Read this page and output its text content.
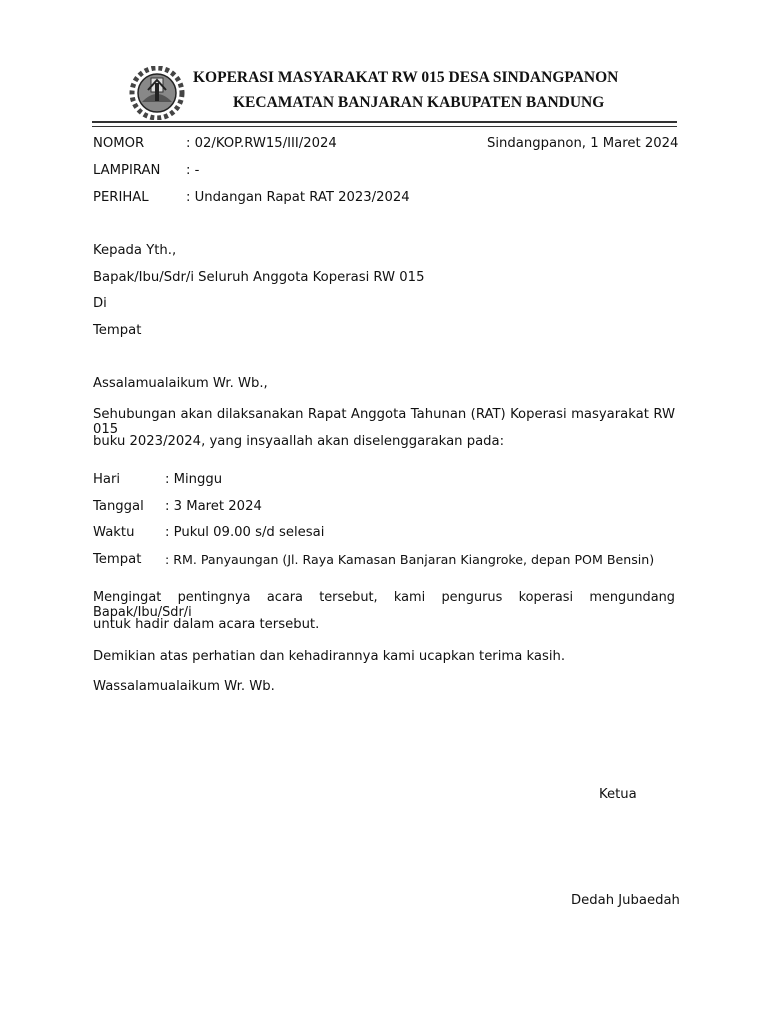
KOPERASI MASYARAKAT RW 015 DESA SINDANGPANON
KECAMATAN BANJARAN KABUPATEN BANDUNG
NOMOR	: 02/KOP.RW15/III/2024	Sindangpanon, 1 Maret 2024
LAMPIRAN : -
PERIHAL	: Undangan Rapat RAT 2023/2024
Kepada Yth.,
Bapak/Ibu/Sdr/i Seluruh Anggota Koperasi RW 015
Di
Tempat
Assalamualaikum Wr. Wb.,
Sehubungan akan dilaksanakan Rapat Anggota Tahunan (RAT) Koperasi masyarakat RW 015
buku 2023/2024, yang insyaallah akan diselenggarakan pada:
Hari	: Minggu
Tanggal : 3 Maret 2024
Waktu : Pukul 09.00 s/d selesai
Tempat : RM. Panyaungan (Jl. Raya Kamasan Banjaran Kiangroke, depan POM Bensin)
Mengingat pentingnya acara tersebut, kami pengurus koperasi mengundang Bapak/Ibu/Sdr/i
untuk hadir dalam acara tersebut.
Demikian atas perhatian dan kehadirannya kami ucapkan terima kasih.
Wassalamualaikum Wr. Wb.
Ketua
Dedah Jubaedah
